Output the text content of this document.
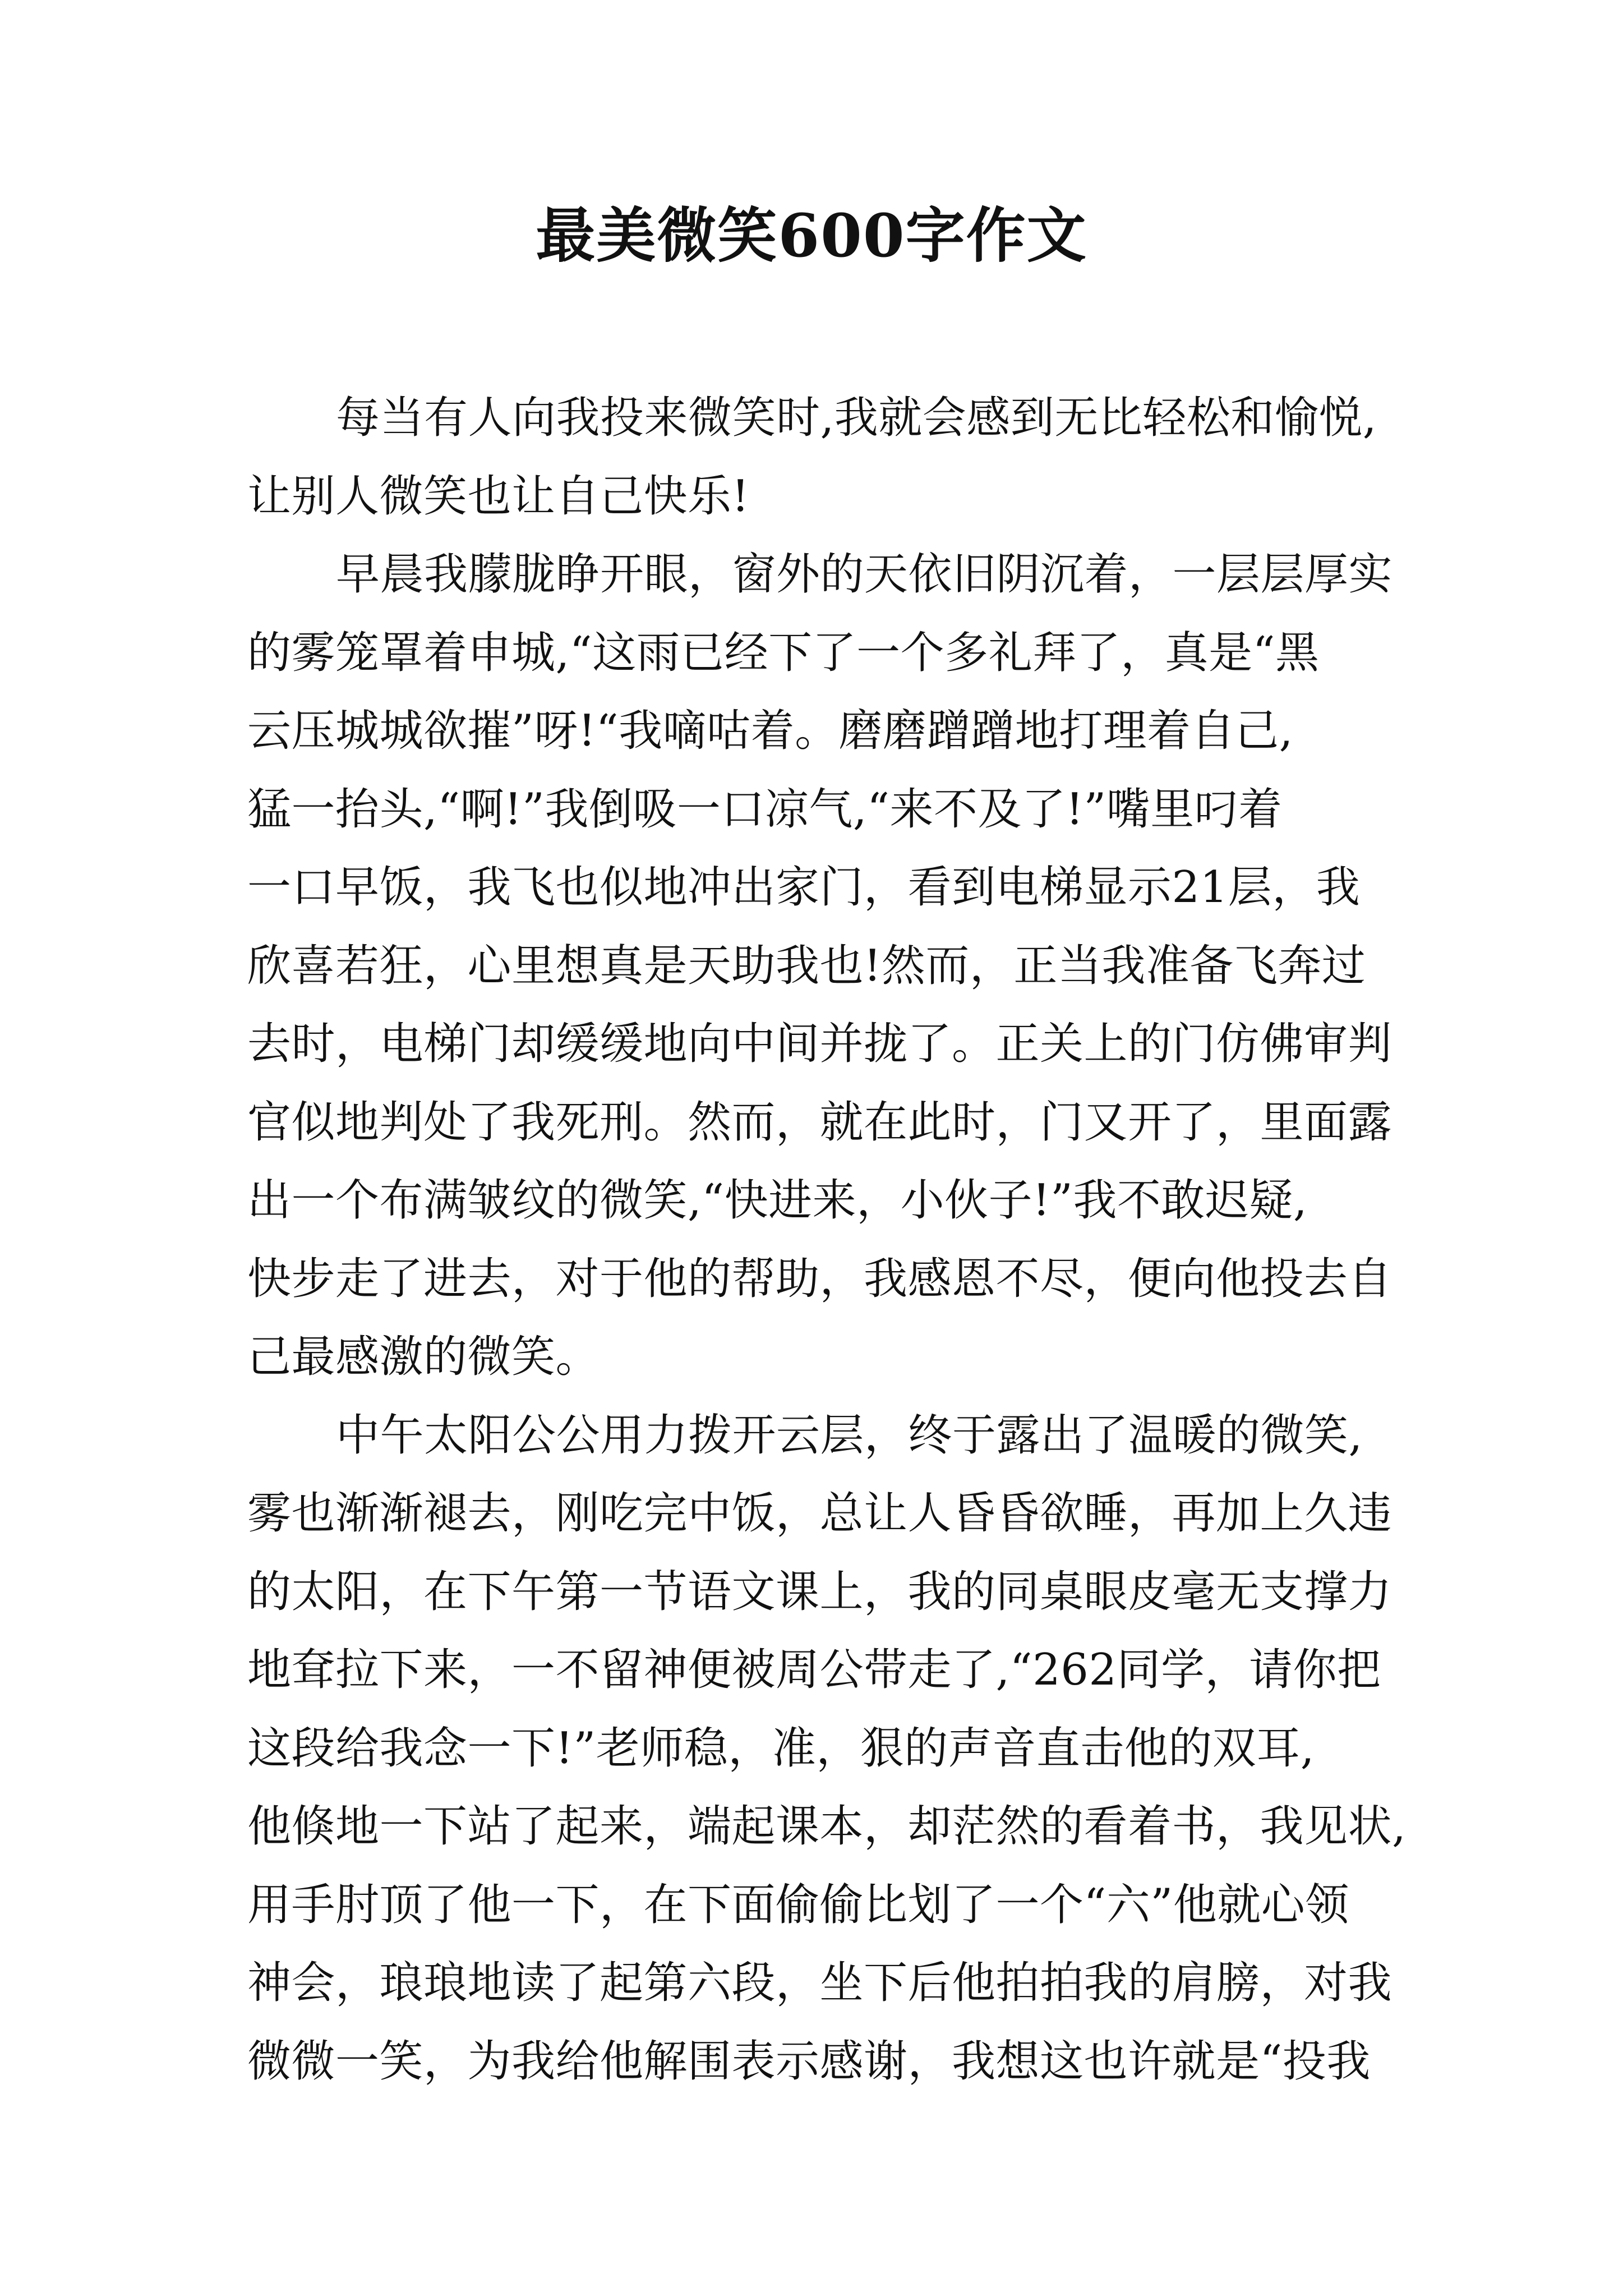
最美微笑600字作文
每当有人向我投来微笑时,我就会感到无比轻松和愉悦,
让别人微笑也让自己快乐!
早晨我朦胧睁开眼，窗外的天依旧阴沉着，一层层厚实
的雾笼罩着申城,“这雨已经下了一个多礼拜了，真是“黑
云压城城欲摧”呀!“我嘀咕着。磨磨蹭蹭地打理着自己,
猛一抬头,“啊!”我倒吸一口凉气,“来不及了!”嘴里叼着
一口早饭，我飞也似地冲出家门，看到电梯显示21层，我
欣喜若狂，心里想真是天助我也!然而，正当我准备飞奔过
去时，电梯门却缓缓地向中间并拢了。正关上的门仿佛审判
官似地判处了我死刑。然而，就在此时，门又开了，里面露
出一个布满皱纹的微笑,“快进来，小伙子!”我不敢迟疑,
快步走了进去，对于他的帮助，我感恩不尽，便向他投去自
己最感激的微笑。
中午太阳公公用力拨开云层，终于露出了温暖的微笑,
雾也渐渐褪去，刚吃完中饭，总让人昏昏欲睡，再加上久违
的太阳，在下午第一节语文课上，我的同桌眼皮毫无支撑力
地耷拉下来，一不留神便被周公带走了,“262同学，请你把
这段给我念一下!”老师稳，准，狠的声音直击他的双耳,
他倏地一下站了起来，端起课本，却茫然的看着书，我见状,
用手肘顶了他一下，在下面偷偷比划了一个“六”他就心领
神会，琅琅地读了起第六段，坐下后他拍拍我的肩膀，对我
微微一笑，为我给他解围表示感谢，我想这也许就是“投我
